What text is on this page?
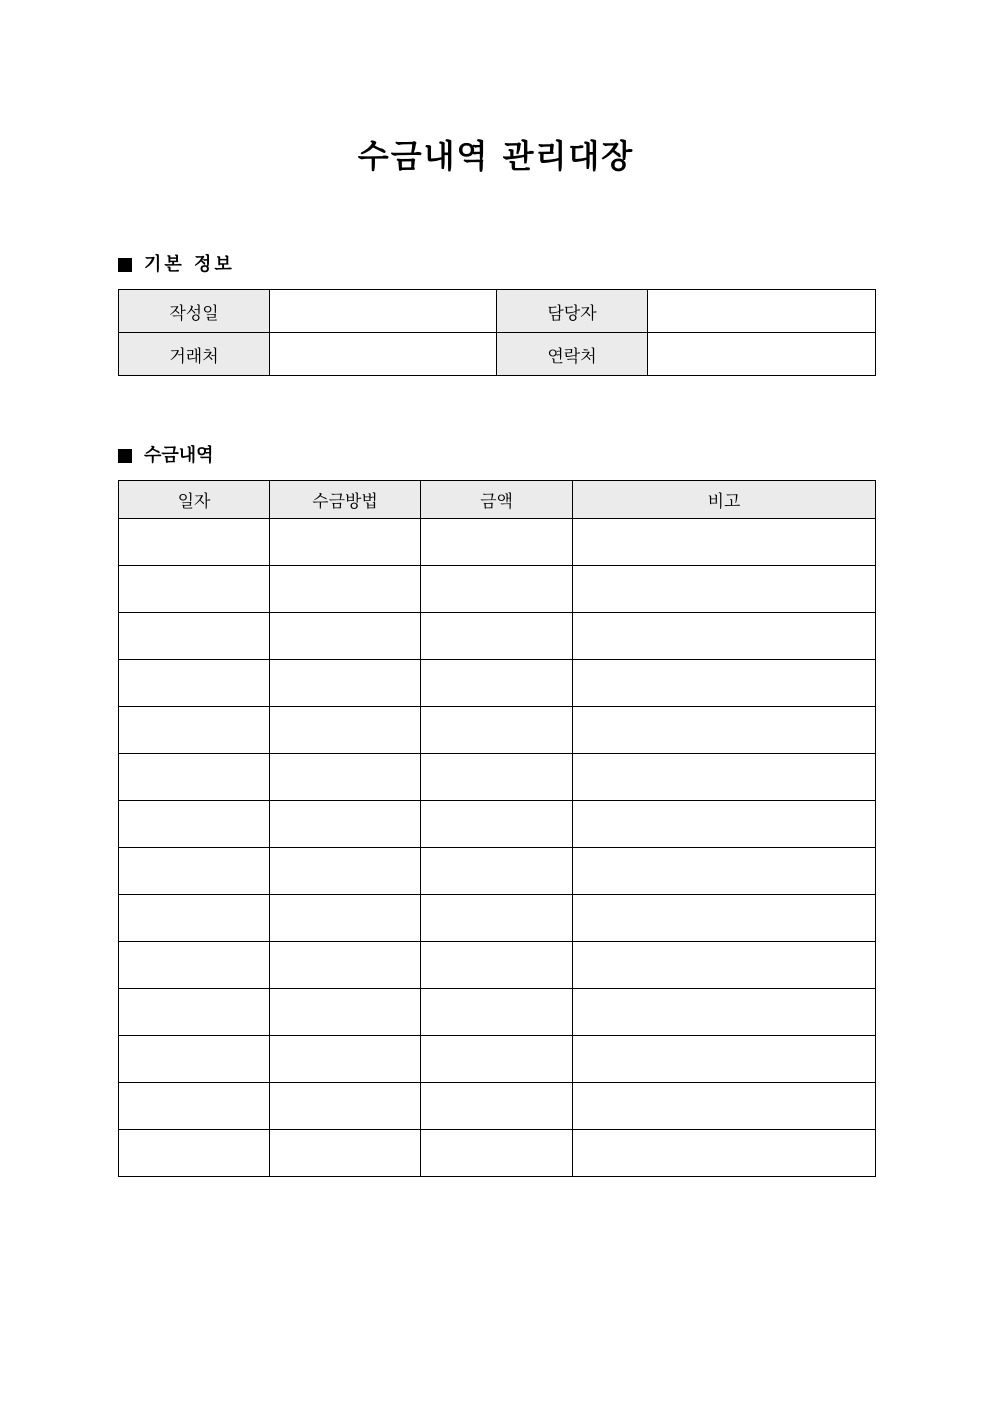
수금내역 관리대장
기본 정보
작성일		담당자	
거래처		연락처	
수금내역
일자	수금방법	금액	비고
